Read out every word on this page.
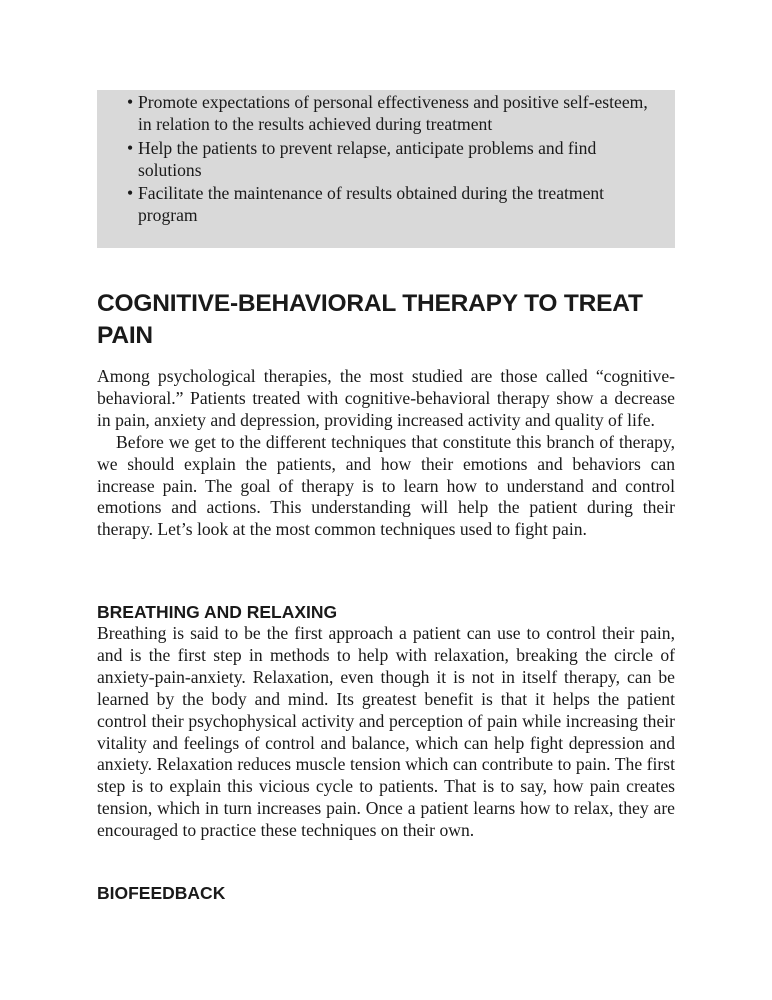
• Promote expectations of personal effectiveness and positive self-esteem, in relation to the results achieved during treatment
• Help the patients to prevent relapse, anticipate problems and find solutions
• Facilitate the maintenance of results obtained during the treatment program
COGNITIVE-BEHAVIORAL THERAPY TO TREAT PAIN

Among psychological therapies, the most studied are those called “cognitive-behavioral.” Patients treated with cognitive-behavioral therapy show a decrease in pain, anxiety and depression, providing increased activity and quality of life.

Before we get to the different techniques that constitute this branch of therapy, we should explain the patients, and how their emotions and behaviors can increase pain. The goal of therapy is to learn how to understand and control emotions and actions. This understanding will help the patient during their therapy. Let’s look at the most common techniques used to fight pain.

BREATHING AND RELAXING

Breathing is said to be the first approach a patient can use to control their pain, and is the first step in methods to help with relaxation, breaking the circle of anxiety-pain-anxiety. Relaxation, even though it is not in itself therapy, can be learned by the body and mind. Its greatest benefit is that it helps the patient control their psychophysical activity and perception of pain while increasing their vitality and feelings of control and balance, which can help fight depression and anxiety. Relaxation reduces muscle tension which can contribute to pain. The first step is to explain this vicious cycle to patients. That is to say, how pain creates tension, which in turn increases pain. Once a patient learns how to relax, they are encouraged to practice these techniques on their own.

BIOFEEDBACK
